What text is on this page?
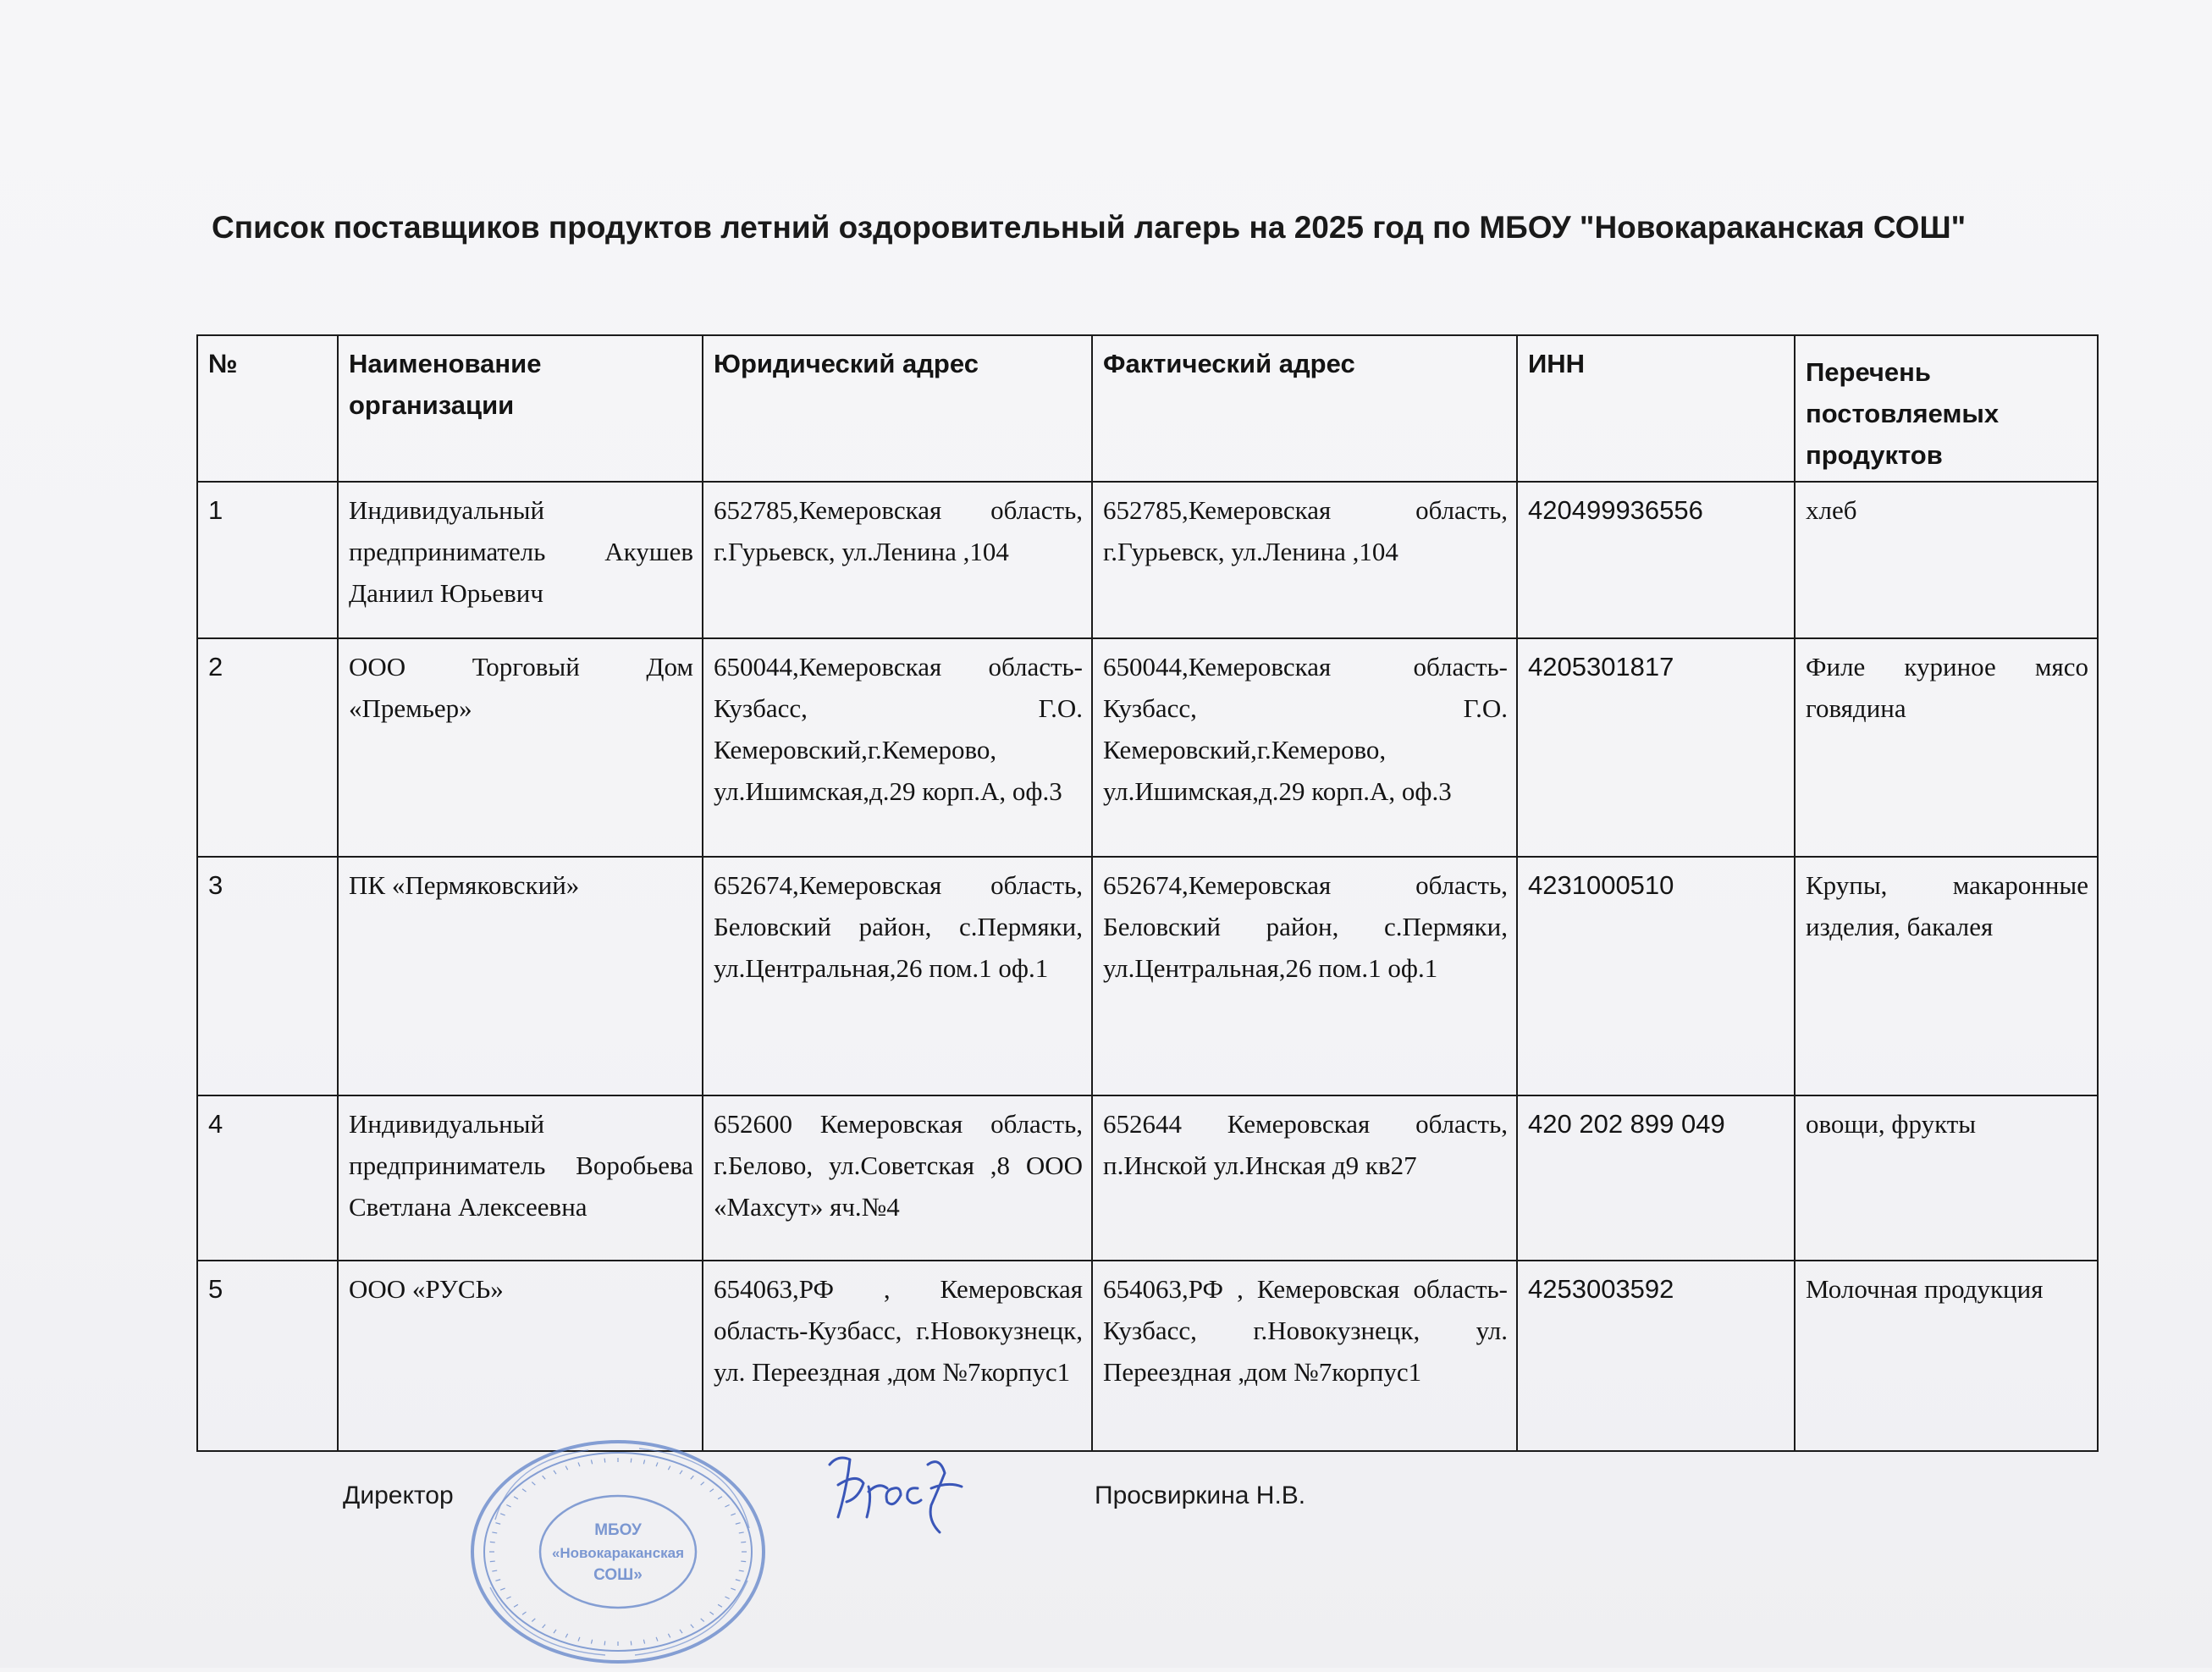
Список поставщиков продуктов летний оздоровительный лагерь на 2025 год по МБОУ "Новокараканская СОШ"
№	Наименование организации	Юридический адрес	Фактический адрес	ИНН	Перечень постовляемых продуктов
1	Индивидуальный предприниматель Акушев Даниил Юрьевич	652785,Кемеровская область, г.Гурьевск, ул.Ленина ,104	652785,Кемеровская область, г.Гурьевск, ул.Ленина ,104	420499936556	хлеб
2	ООО Торговый Дом «Премьер»	650044,Кемеровская область-Кузбасс, Г.О. Кемеровский,г.Кемерово, ул.Ишимская,д.29 корп.А, оф.3	650044,Кемеровская область-Кузбасс, Г.О. Кемеровский,г.Кемерово, ул.Ишимская,д.29 корп.А, оф.3	4205301817	Филе куриное мясо говядина
3	ПК «Пермяковский»	652674,Кемеровская область, Беловский район, с.Пермяки, ул.Центральная,26 пом.1 оф.1	652674,Кемеровская область, Беловский район, с.Пермяки, ул.Центральная,26 пом.1 оф.1	4231000510	Крупы, макаронные изделия, бакалея
4	Индивидуальный предприниматель Воробьева Светлана Алексеевна	652600 Кемеровская область, г.Белово, ул.Советская ,8 ООО «Махсут» яч.№4	652644 Кемеровская область, п.Инской ул.Инская д9 кв27	420 202 899 049	овощи, фрукты
5	ООО «РУСЬ»	654063,РФ , Кемеровская область-Кузбасс, г.Новокузнецк, ул. Переездная ,дом №7корпус1	654063,РФ , Кемеровская область-Кузбасс, г.Новокузнецк, ул. Переездная ,дом №7корпус1	4253003592	Молочная продукция
Директор	Просвиркина Н.В.
МБОУ
«Новокараканская
СОШ»
